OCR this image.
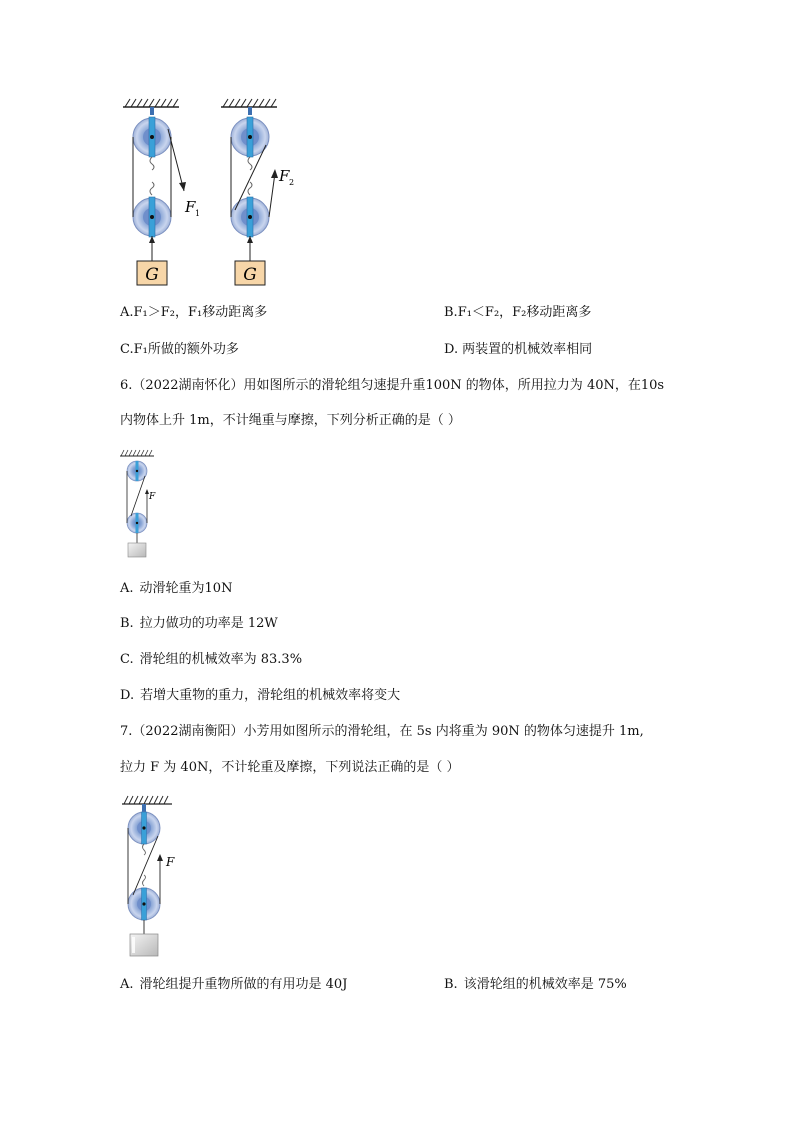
G
F 1
G
F 2
A.F₁＞F₂，F₁移动距离多	B.F₁＜F₂，F₂移动距离多
C.F₁所做的额外功多	D. 两装置的机械效率相同
6.（2022湖南怀化）用如图所示的滑轮组匀速提升重100N 的物体，所用拉力为 40N，在10s
内物体上升 1m，不计绳重与摩擦，下列分析正确的是（ ）
F
A. 动滑轮重为10N
B. 拉力做功的功率是 12W
C. 滑轮组的机械效率为 83.3%
D. 若增大重物的重力，滑轮组的机械效率将变大
7.（2022湖南衡阳）小芳用如图所示的滑轮组，在 5s 内将重为 90N 的物体匀速提升 1m,
拉力 F 为 40N，不计轮重及摩擦，下列说法正确的是（ ）
F
A. 滑轮组提升重物所做的有用功是 40J	B. 该滑轮组的机械效率是 75%
